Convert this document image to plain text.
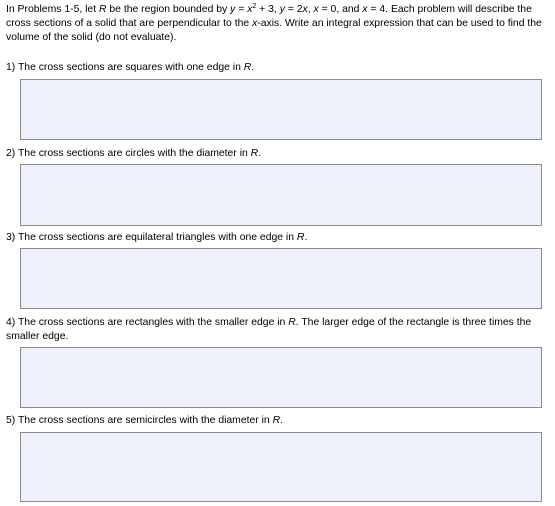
In Problems 1-5, let R be the region bounded by $y = x^2 + 3$, y = 2x, x = 0, and x = 4. Each problem will describe the cross sections of a solid that are perpendicular to the x-axis. Write an integral expression that can be used to find the volume of the solid (do not evaluate).

1) The cross sections are squares with one edge in R.

2) The cross sections are circles with the diameter in R.

3) The cross sections are equilateral triangles with one edge in R.

4) The cross sections are rectangles with the smaller edge in R. The larger edge of the rectangle is three times the smaller edge.

5) The cross sections are semicircles with the diameter in R.
